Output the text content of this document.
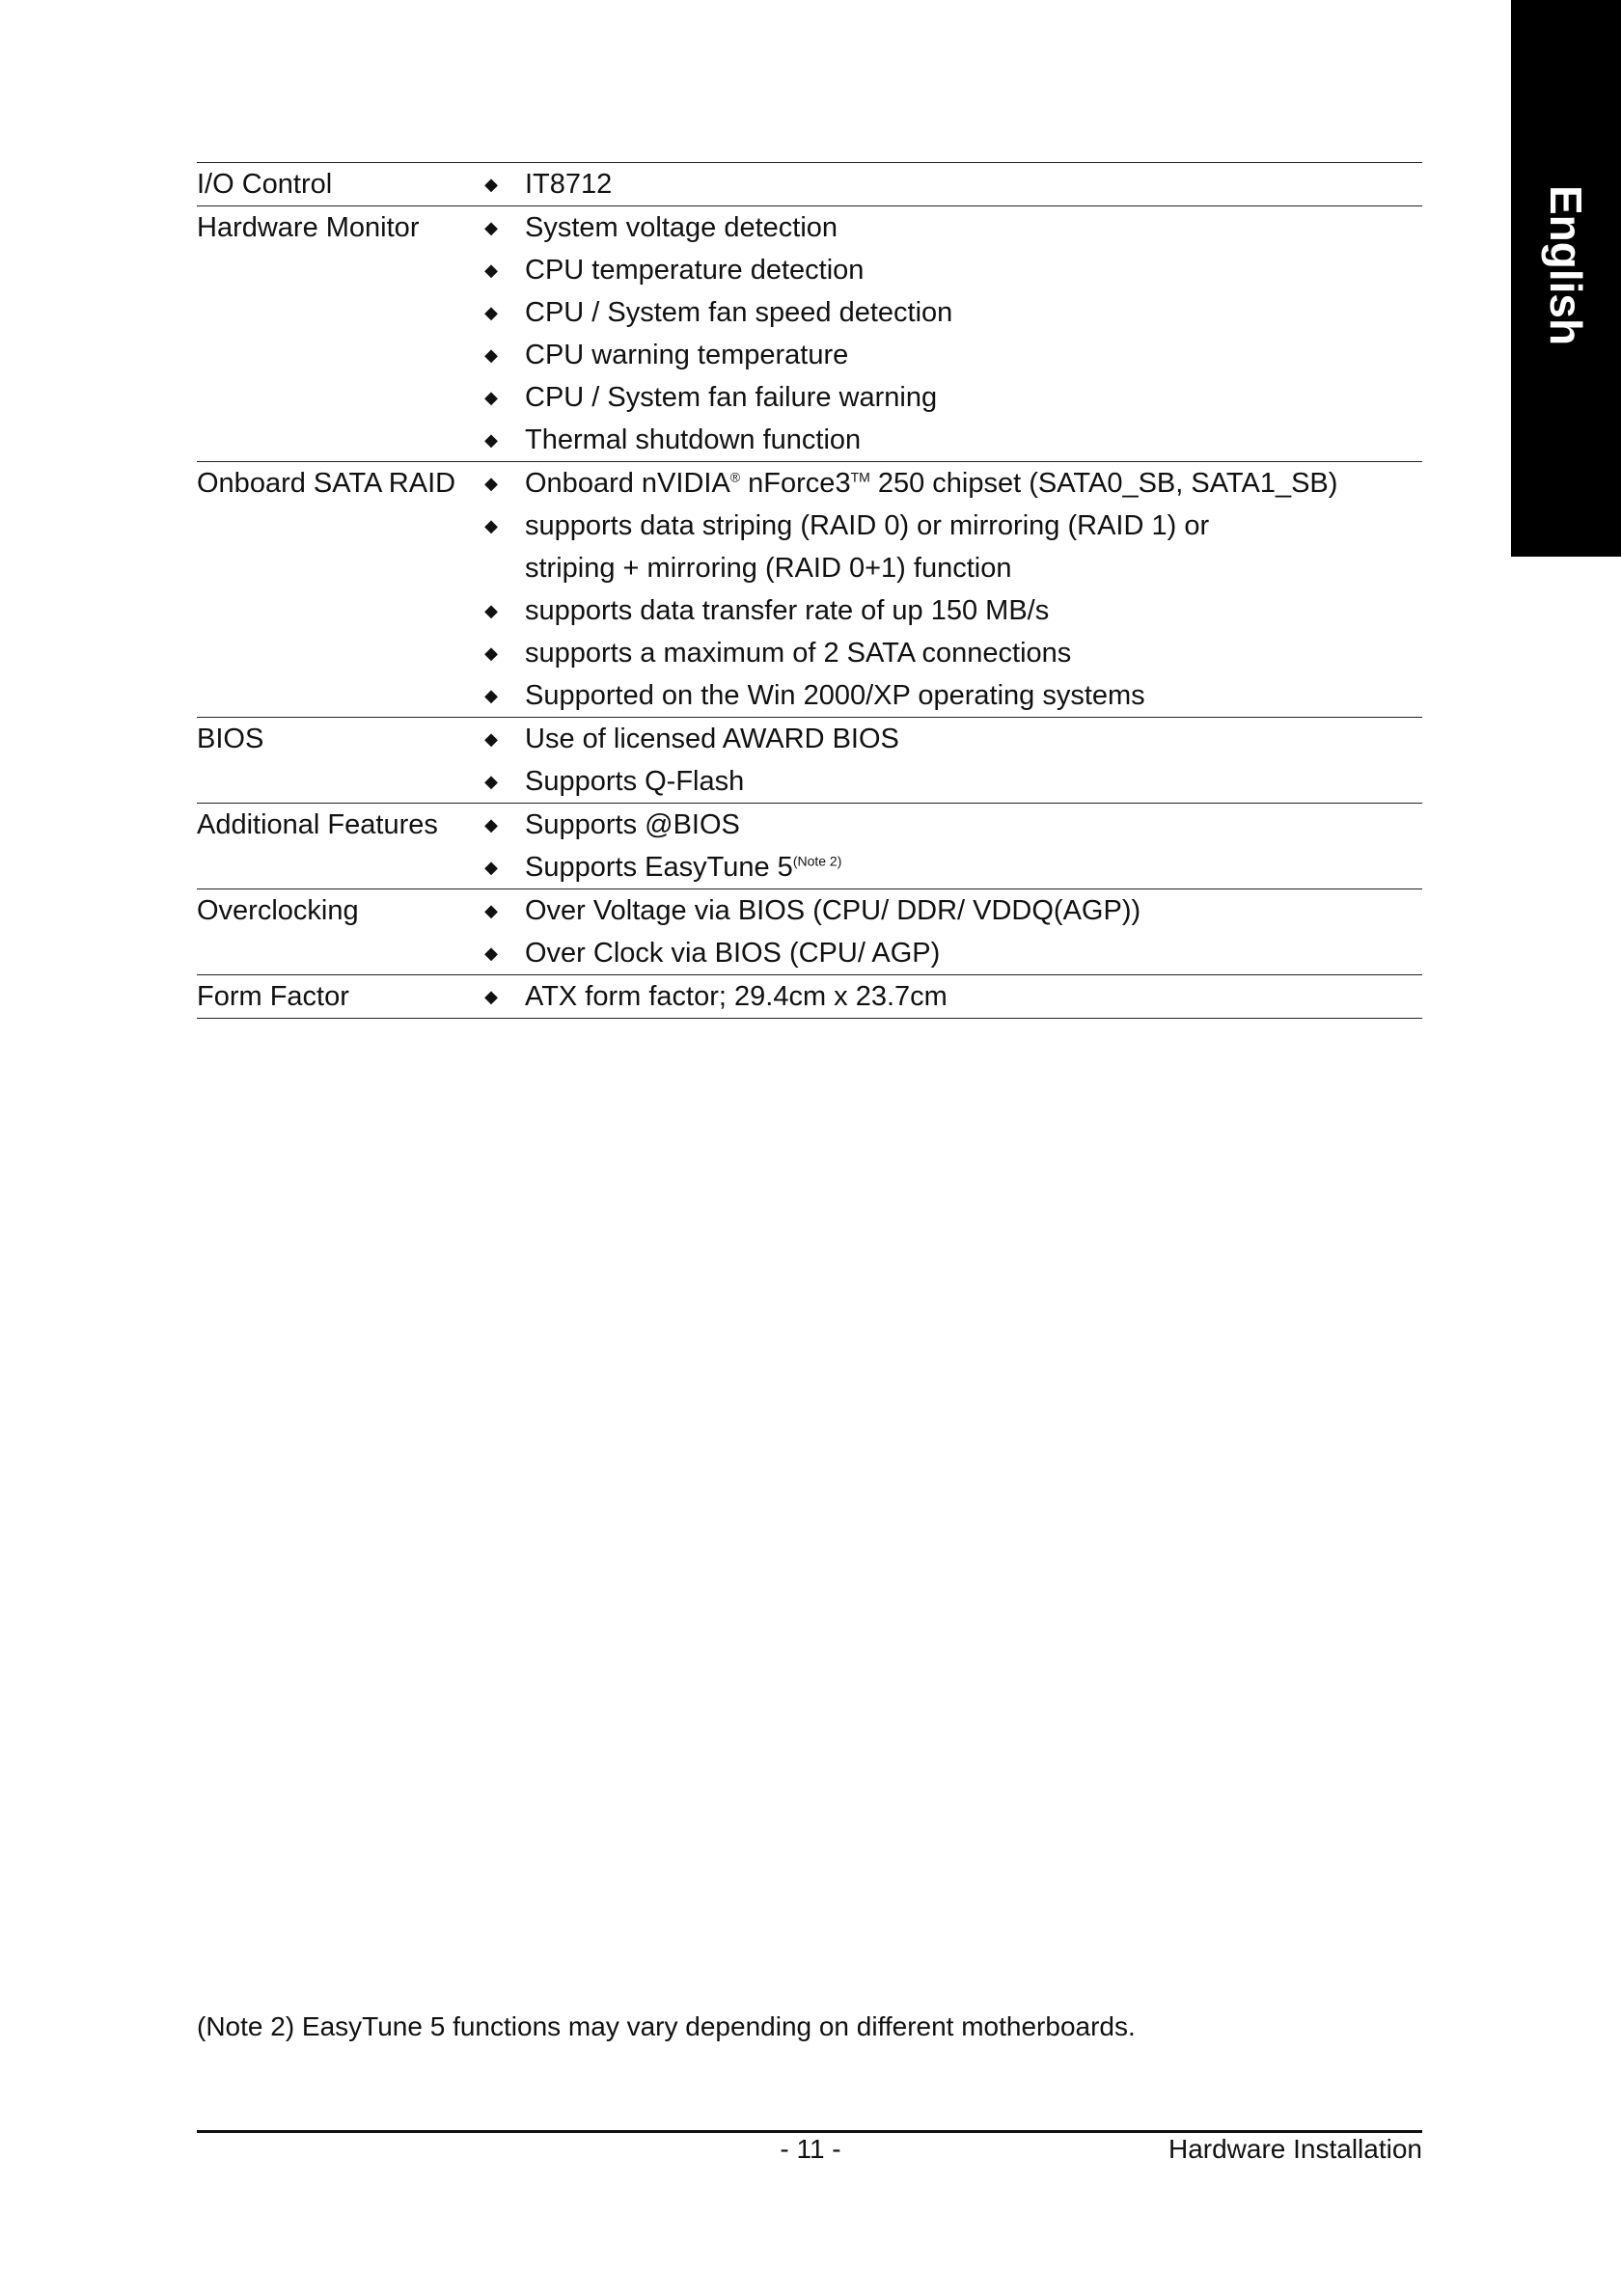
English
I/O Control	◆ IT8712
Hardware Monitor	◆ System voltage detection
◆ CPU temperature detection
◆ CPU / System fan speed detection
◆ CPU warning temperature
◆ CPU / System fan failure warning
◆ Thermal shutdown function
Onboard SATA RAID	◆ Onboard nVIDIA® nForce3™ 250 chipset (SATA0_SB, SATA1_SB)
◆ supports data striping (RAID 0) or mirroring (RAID 1) or
striping + mirroring (RAID 0+1) function
◆ supports data transfer rate of up 150 MB/s
◆ supports a maximum of 2 SATA connections
◆ Supported on the Win 2000/XP operating systems
BIOS	◆ Use of licensed AWARD BIOS
◆ Supports Q-Flash
Additional Features	◆ Supports @BIOS
◆ Supports EasyTune $5^{(Note 2)}$
Overclocking	◆ Over Voltage via BIOS (CPU/ DDR/ VDDQ(AGP))
◆ Over Clock via BIOS (CPU/ AGP)
Form Factor	◆ ATX form factor; 29.4cm x 23.7cm
(Note 2) EasyTune 5 functions may vary depending on different motherboards.
- 11 -	Hardware Installation
